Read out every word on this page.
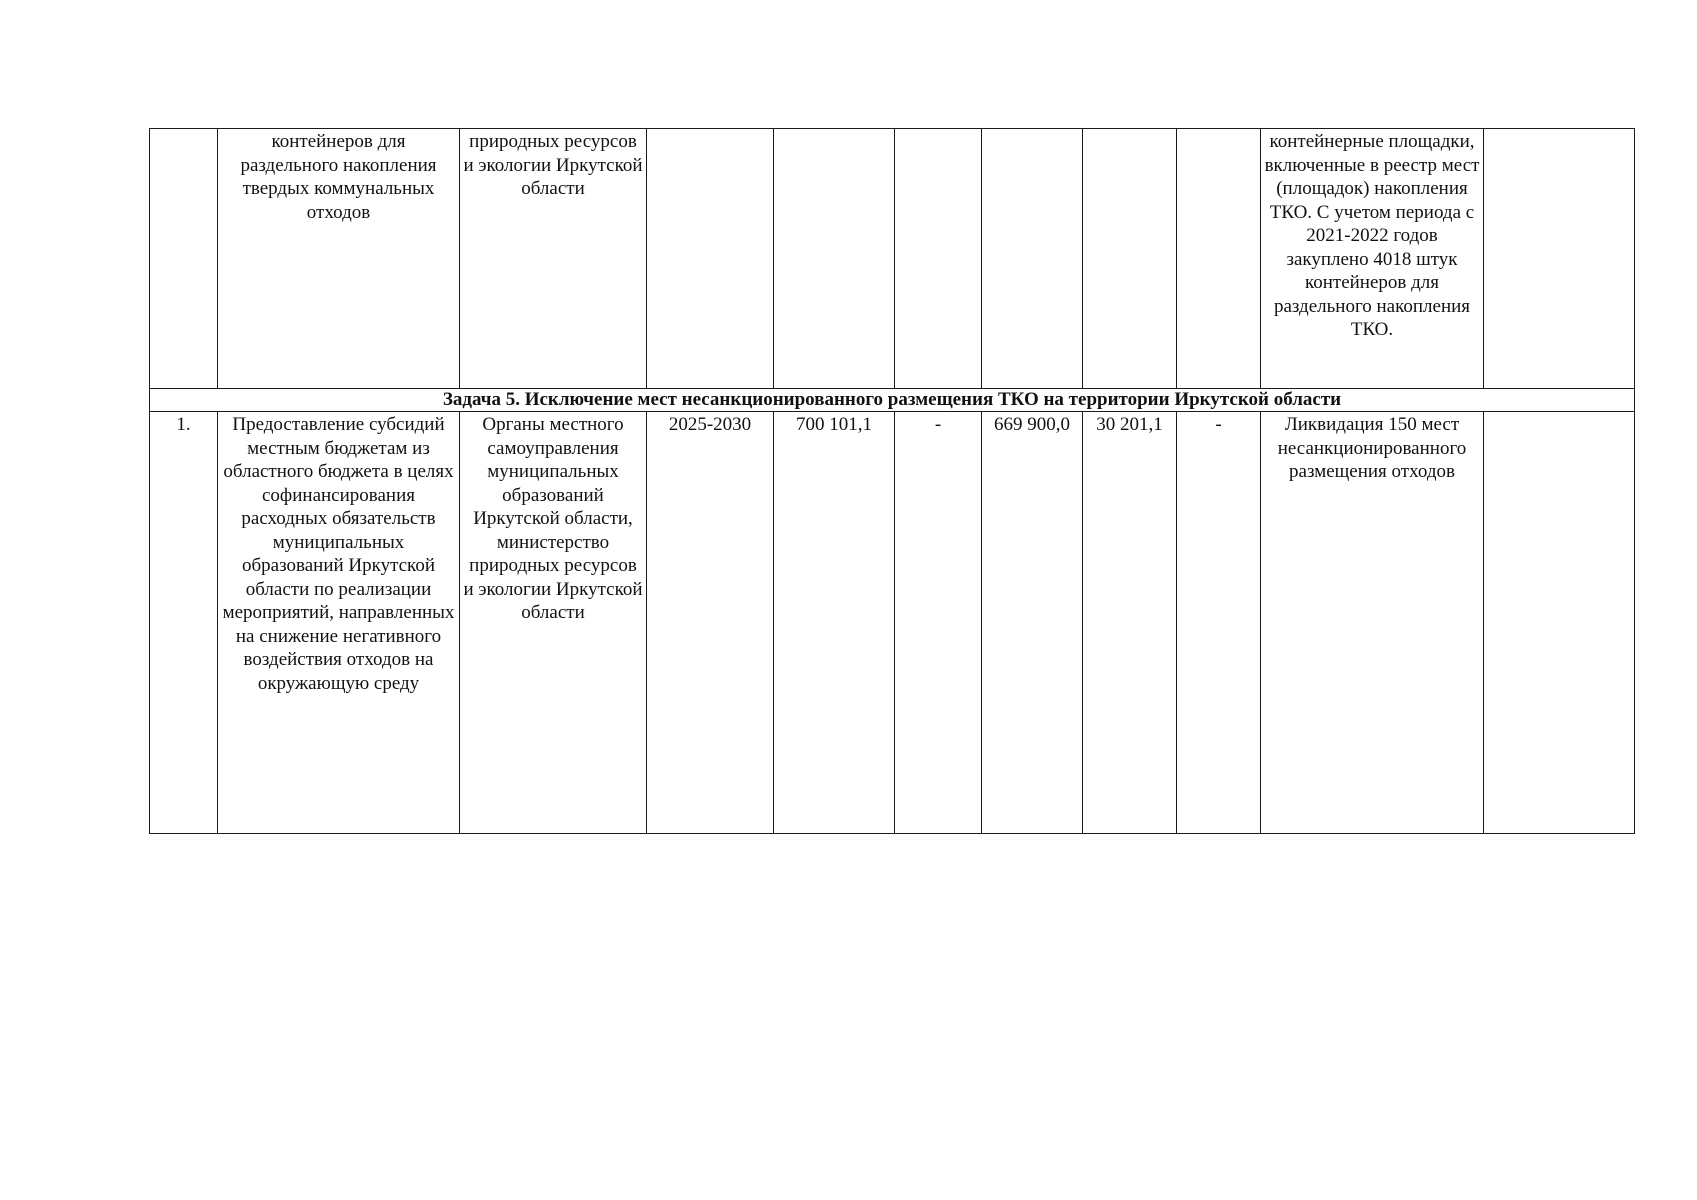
	контейнеров для раздельного накопления твердых коммунальных отходов	природных ресурсов и экологии Иркутской области							контейнерные площадки, включенные в реестр мест (площадок) накопления ТКО. С учетом периода с 2021-2022 годов закуплено 4018 штук контейнеров для раздельного накопления ТКО.	

Задача 5. Исключение мест несанкционированного размещения ТКО на территории Иркутской области										

1.	Предоставление субсидий местным бюджетам из областного бюджета в целях софинансирования расходных обязательств муниципальных образований Иркутской области по реализации мероприятий, направленных на снижение негативного воздействия отходов на окружающую среду	Органы местного самоуправления муниципальных образований Иркутской области, министерство природных ресурсов и экологии Иркутской области	2025-2030	700 101,1	-	669 900,0	30 201,1	-	Ликвидация 150 мест несанкционированного размещения отходов	
